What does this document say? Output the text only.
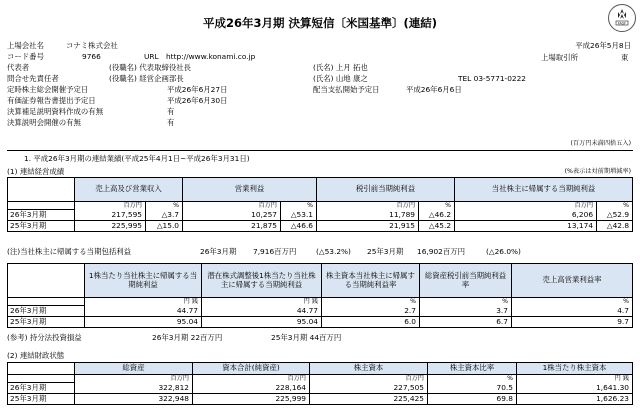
FASF
平成26年3月期 決算短信〔米国基準〕(連結)
平成26年5月8日
上場会社名	コナミ株式会社
上場取引所	東
コード番号	9766	URL http://www.konami.co.jp
代表者	(役職名) 代表取締役社長	(氏名) 上月 拓也
問合せ先責任者	(役職名) 経営企画部長	(氏名) 山地 康之	TEL 03-5771-0222
定時株主総会開催予定日	平成26年6月27日	配当支払開始予定日	平成26年6月6日
有価証券報告書提出予定日	平成26年6月30日
決算補足説明資料作成の有無	有
決算説明会開催の有無	有
(百万円未満四捨五入)
1. 平成26年3月期の連結業績(平成25年4月1日~平成26年3月31日)
(1) 連結経営成績	(%表示は対前期増減率)
	売上高及び営業収入		営業利益		税引前当期純利益		当社株主に帰属する当期純利益	
	百万円	%	百万円	%	百万円	%	百万円	%
26年3月期	217,595	△3.7	10,257	△53.1	11,789	△46.2	6,206	△52.9
25年3月期	225,995	△15.0	21,875	△46.6	21,915	△45.2	13,174	△42.8
(注)当社株主に帰属する当期包括利益	26年3月期 7,916百万円	(△53.2%) 25年3月期 16,902百万円	(△26.0%)
	1株当たり当社株主に帰属する当期純利益	潜在株式調整後1株当たり当社株主に帰属する当期純利益	株主資本当社株主に帰属する当期純利益率	総資産税引前当期純利益率	売上高営業利益率
	円 銭	円 銭	%	%	%
26年3月期	44.77	44.77	2.7	3.7	4.7
25年3月期	95.04	95.04	6.0	6.7	9.7
(参考) 持分法投資損益	26年3月期 22百万円	25年3月期 44百万円
(2) 連結財政状態
	総資産	資本合計(純資産)	株主資本	株主資本比率	1株当たり株主資本
	百万円	百万円	百万円	%	円 銭
26年3月期	322,812	228,164	227,505	70.5	1,641.30
25年3月期	322,948	225,999	225,425	69.8	1,626.23
